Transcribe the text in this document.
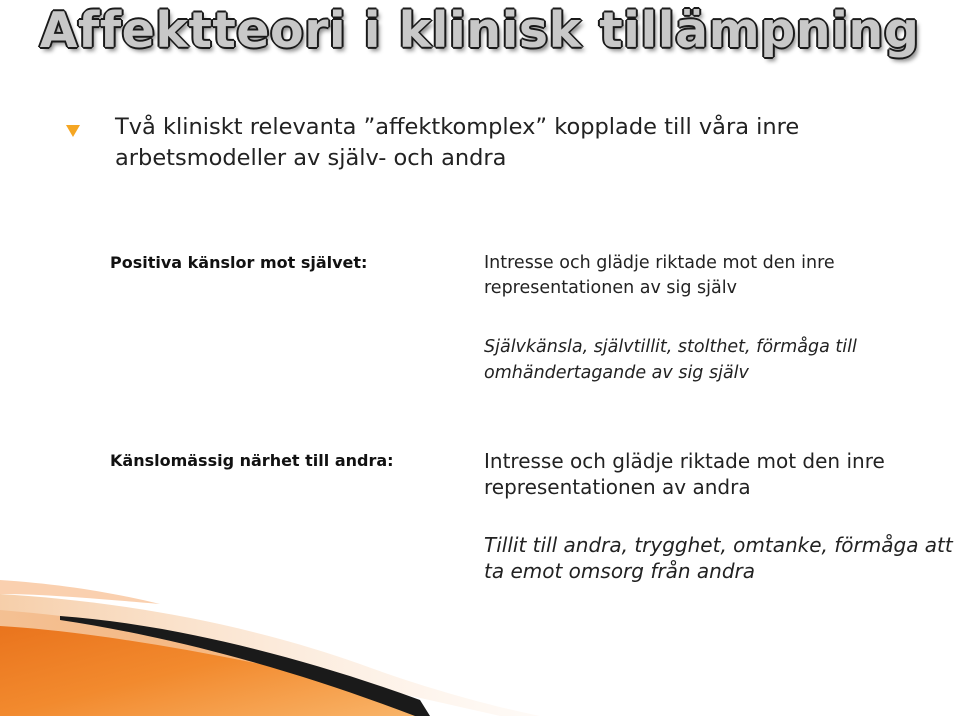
Affektteori i klinisk tillämpning

Två kliniskt relevanta ”affektkomplex” kopplade till våra inre arbetsmodeller av själv- och andra

Positiva känslor mot självet:	Intresse och glädje riktade mot den inre representationen av sig själv

Självkänsla, självtillit, stolthet, förmåga till omhändertagande av sig själv

Känslomässig närhet till andra:	Intresse och glädje riktade mot den inre representationen av andra

Tillit till andra, trygghet, omtanke, förmåga att ta emot omsorg från andra
